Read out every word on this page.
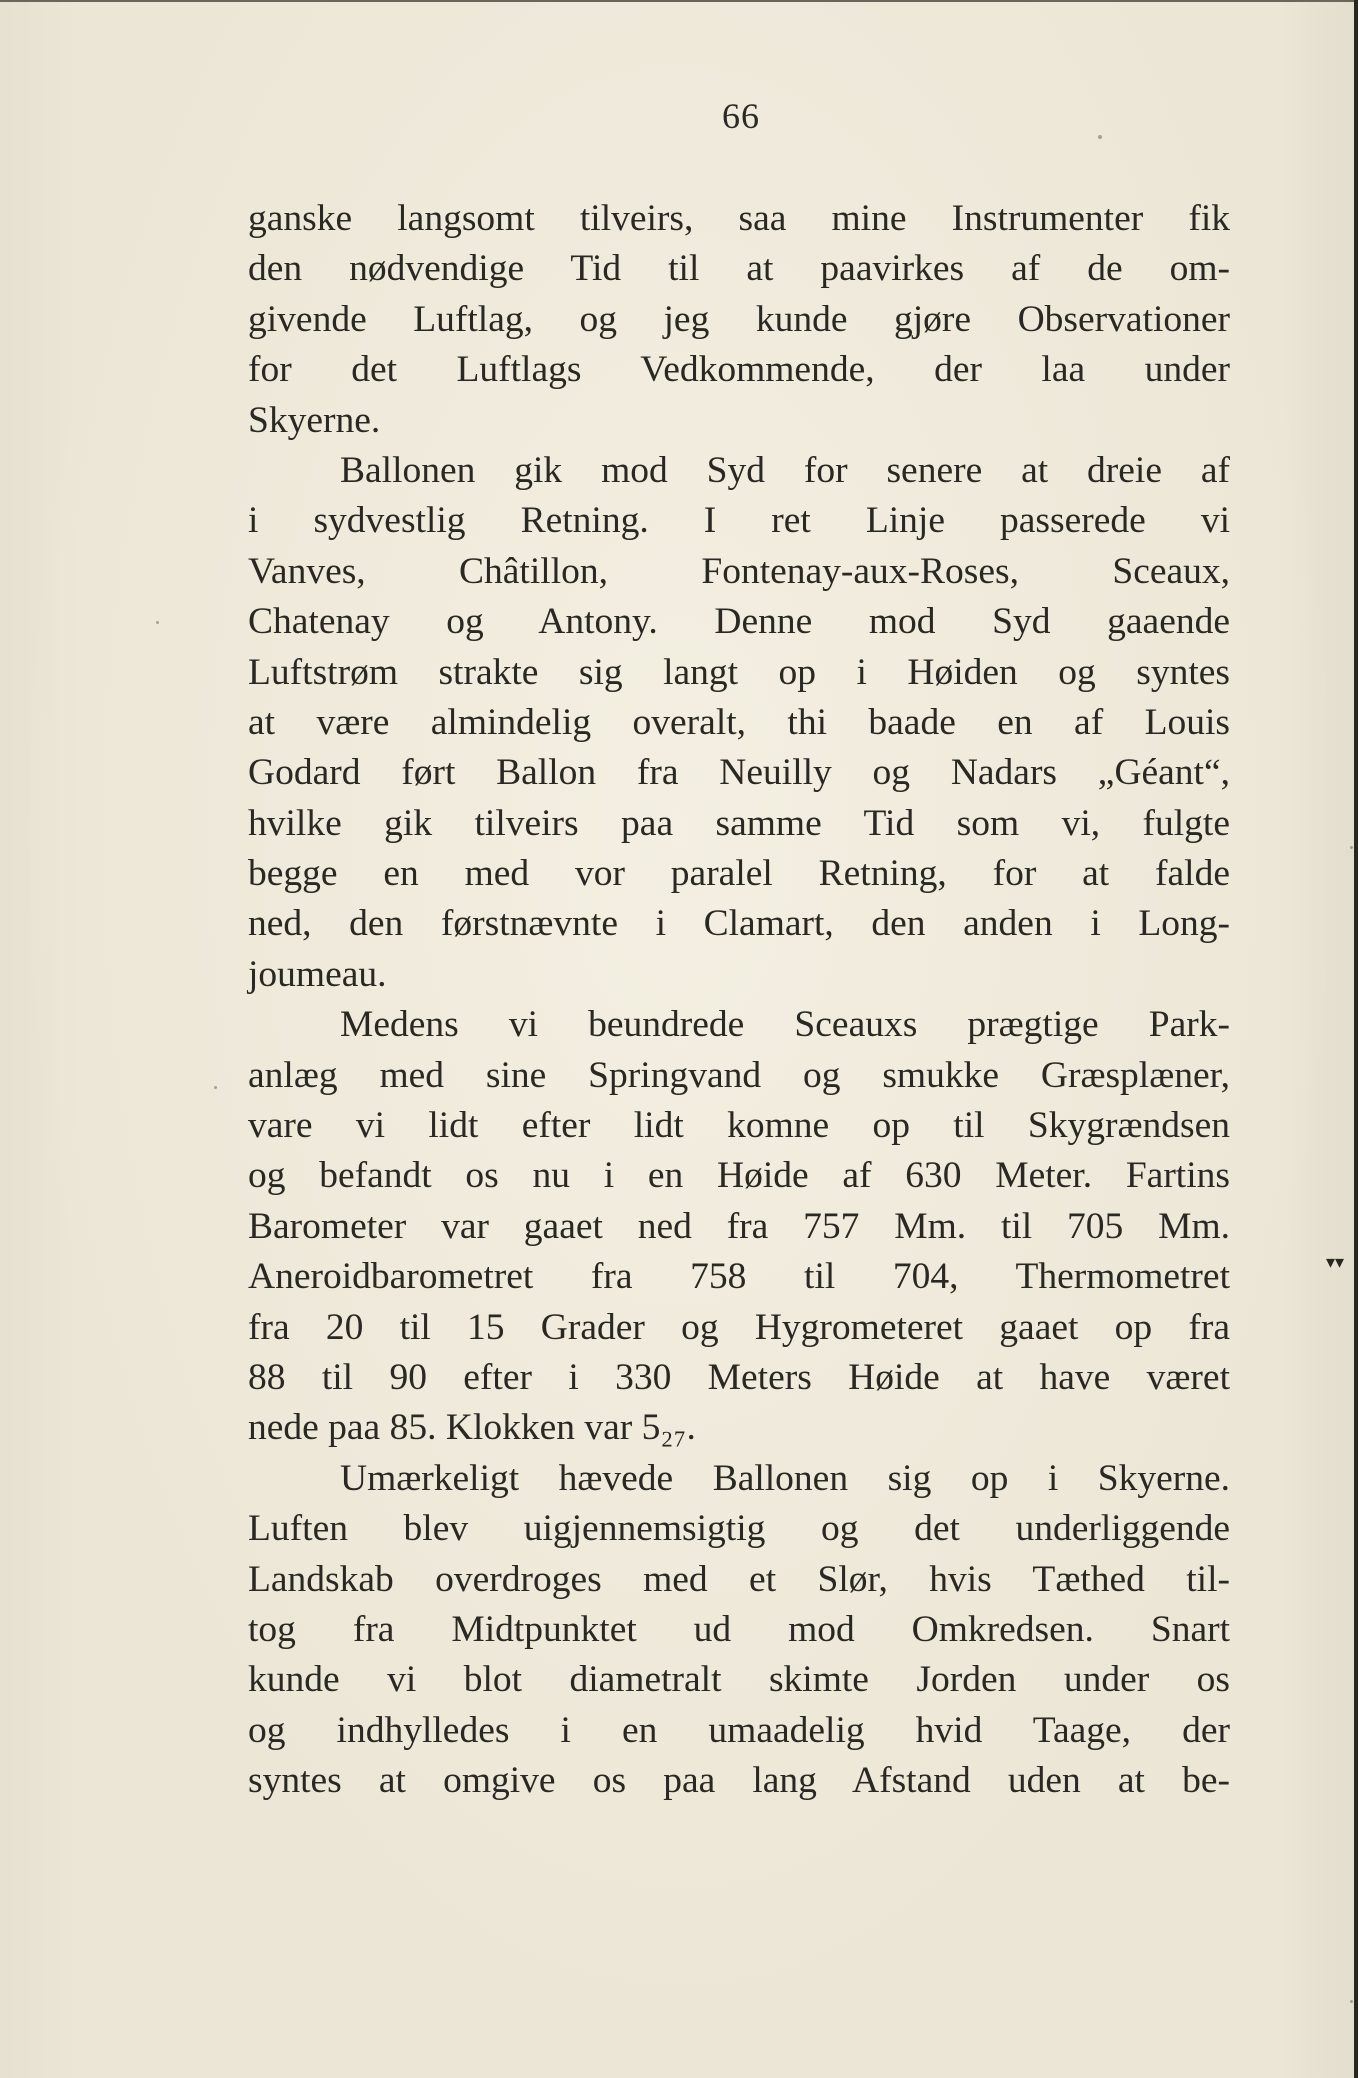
66
ganske langsomt tilveirs, saa mine Instrumenter fik
den nødvendige Tid til at paavirkes af de om-
givende Luftlag, og jeg kunde gjøre Observationer
for det Luftlags Vedkommende, der laa under
Skyerne.
Ballonen gik mod Syd for senere at dreie af
i sydvestlig Retning. I ret Linje passerede vi
Vanves, Châtillon, Fontenay-aux-Roses, Sceaux,
Chatenay og Antony. Denne mod Syd gaaende
Luftstrøm strakte sig langt op i Høiden og syntes
at være almindelig overalt, thi baade en af Louis
Godard ført Ballon fra Neuilly og Nadars „Géant“,
hvilke gik tilveirs paa samme Tid som vi, fulgte
begge en med vor paralel Retning, for at falde
ned, den førstnævnte i Clamart, den anden i Long-
joumeau.
Medens vi beundrede Sceauxs prægtige Park-
anlæg med sine Springvand og smukke Græsplæner,
vare vi lidt efter lidt komne op til Skygrændsen
og befandt os nu i en Høide af 630 Meter. Fartins
Barometer var gaaet ned fra 757 Mm. til 705 Mm.
Aneroidbarometret fra 758 til 704, Thermometret
fra 20 til 15 Grader og Hygrometeret gaaet op fra
88 til 90 efter i 330 Meters Høide at have været
nede paa 85. Klokken var 5₂₇.
Umærkeligt hævede Ballonen sig op i Skyerne.
Luften blev uigjennemsigtig og det underliggende
Landskab overdroges med et Slør, hvis Tæthed til-
tog fra Midtpunktet ud mod Omkredsen. Snart
kunde vi blot diametralt skimte Jorden under os
og indhylledes i en umaadelig hvid Taage, der
syntes at omgive os paa lang Afstand uden at be-
▾▾
